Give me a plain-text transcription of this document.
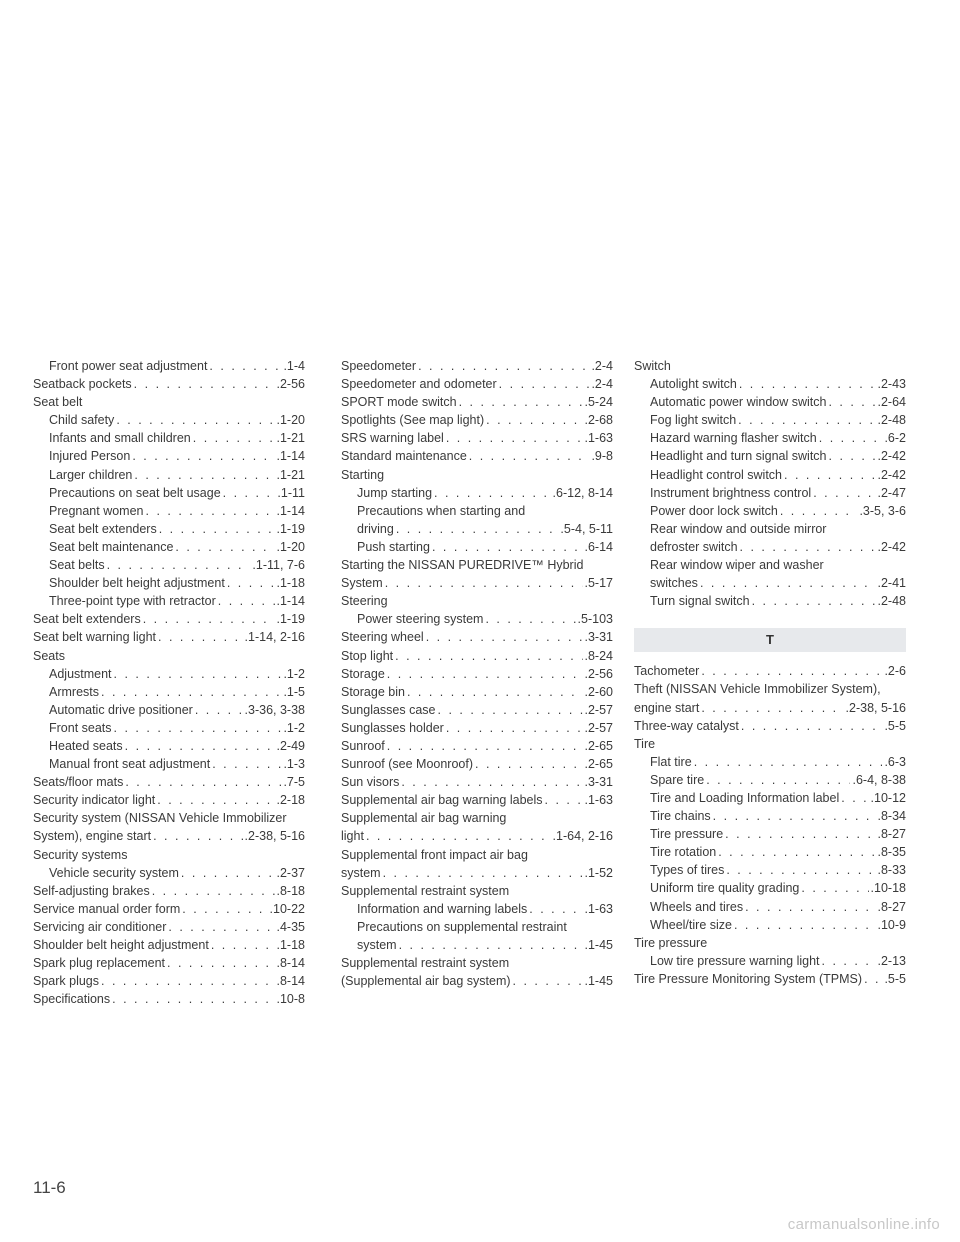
Front power seat adjustment . . .	.1-4
Seatback pockets . . .	.2-56
Seat belt
Child safety . . .	.1-20
Infants and small children . . .	.1-21
Injured Person . . .	.1-14
Larger children . . .	.1-21
Precautions on seat belt usage . . .	.1-11
Pregnant women . . .	.1-14
Seat belt extenders . . .	.1-19
Seat belt maintenance . . .	.1-20
Seat belts . . .	.1-11, 7-6
Shoulder belt height adjustment . . .	.1-18
Three-point type with retractor . . .	.1-14
Seat belt extenders . . .	.1-19
Seat belt warning light . . .	.1-14, 2-16
Seats
Adjustment . . .	.1-2
Armrests . . .	.1-5
Automatic drive positioner . . .	.3-36, 3-38
Front seats . . .	.1-2
Heated seats . . .	.2-49
Manual front seat adjustment . . .	.1-3
Seats/floor mats . . .	.7-5
Security indicator light . . .	.2-18
Security system (NISSAN Vehicle Immobilizer
System), engine start . . .	.2-38, 5-16
Security systems
Vehicle security system . . .	.2-37
Self-adjusting brakes . . .	.8-18
Service manual order form . . .	.10-22
Servicing air conditioner . . .	.4-35
Shoulder belt height adjustment . . .	.1-18
Spark plug replacement . . .	.8-14
Spark plugs . . .	.8-14
Specifications . . .	.10-8
Speedometer . . .	.2-4
Speedometer and odometer . . .	.2-4
SPORT mode switch . . .	.5-24
Spotlights (See map light) . . .	.2-68
SRS warning label . . .	.1-63
Standard maintenance . . .	.9-8
Starting
Jump starting . . .	.6-12, 8-14
Precautions when starting and
driving . . .	.5-4, 5-11
Push starting . . .	.6-14
Starting the NISSAN PUREDRIVE™ Hybrid
System . . .	.5-17
Steering
Power steering system . . .	.5-103
Steering wheel . . .	.3-31
Stop light . . .	.8-24
Storage . . .	.2-56
Storage bin . . .	.2-60
Sunglasses case . . .	.2-57
Sunglasses holder . . .	.2-57
Sunroof . . .	.2-65
Sunroof (see Moonroof) . . .	.2-65
Sun visors . . .	.3-31
Supplemental air bag warning labels . . .	.1-63
Supplemental air bag warning
light . . .	.1-64, 2-16
Supplemental front impact air bag
system . . .	.1-52
Supplemental restraint system
Information and warning labels . . .	.1-63
Precautions on supplemental restraint
system . . .	.1-45
Supplemental restraint system
(Supplemental air bag system) . . .	.1-45
Switch
Autolight switch . . .	.2-43
Automatic power window switch . . .	.2-64
Fog light switch . . .	.2-48
Hazard warning flasher switch . . .	.6-2
Headlight and turn signal switch . . .	.2-42
Headlight control switch . . .	.2-42
Instrument brightness control . . .	.2-47
Power door lock switch . . .	.3-5, 3-6
Rear window and outside mirror
defroster switch . . .	.2-42
Rear window wiper and washer
switches . . .	.2-41
Turn signal switch . . .	.2-48
T
Tachometer . . .	.2-6
Theft (NISSAN Vehicle Immobilizer System),
engine start . . .	.2-38, 5-16
Three-way catalyst . . .	.5-5
Tire
Flat tire . . .	.6-3
Spare tire . . .	.6-4, 8-38
Tire and Loading Information label . . .	.10-12
Tire chains . . .	.8-34
Tire pressure . . .	.8-27
Tire rotation . . .	.8-35
Types of tires . . .	.8-33
Uniform tire quality grading . . .	.10-18
Wheels and tires . . .	.8-27
Wheel/tire size . . .	.10-9
Tire pressure
Low tire pressure warning light . . .	.2-13
Tire Pressure Monitoring System (TPMS) . . . .5-5
11-6
carmanualsonline.info
